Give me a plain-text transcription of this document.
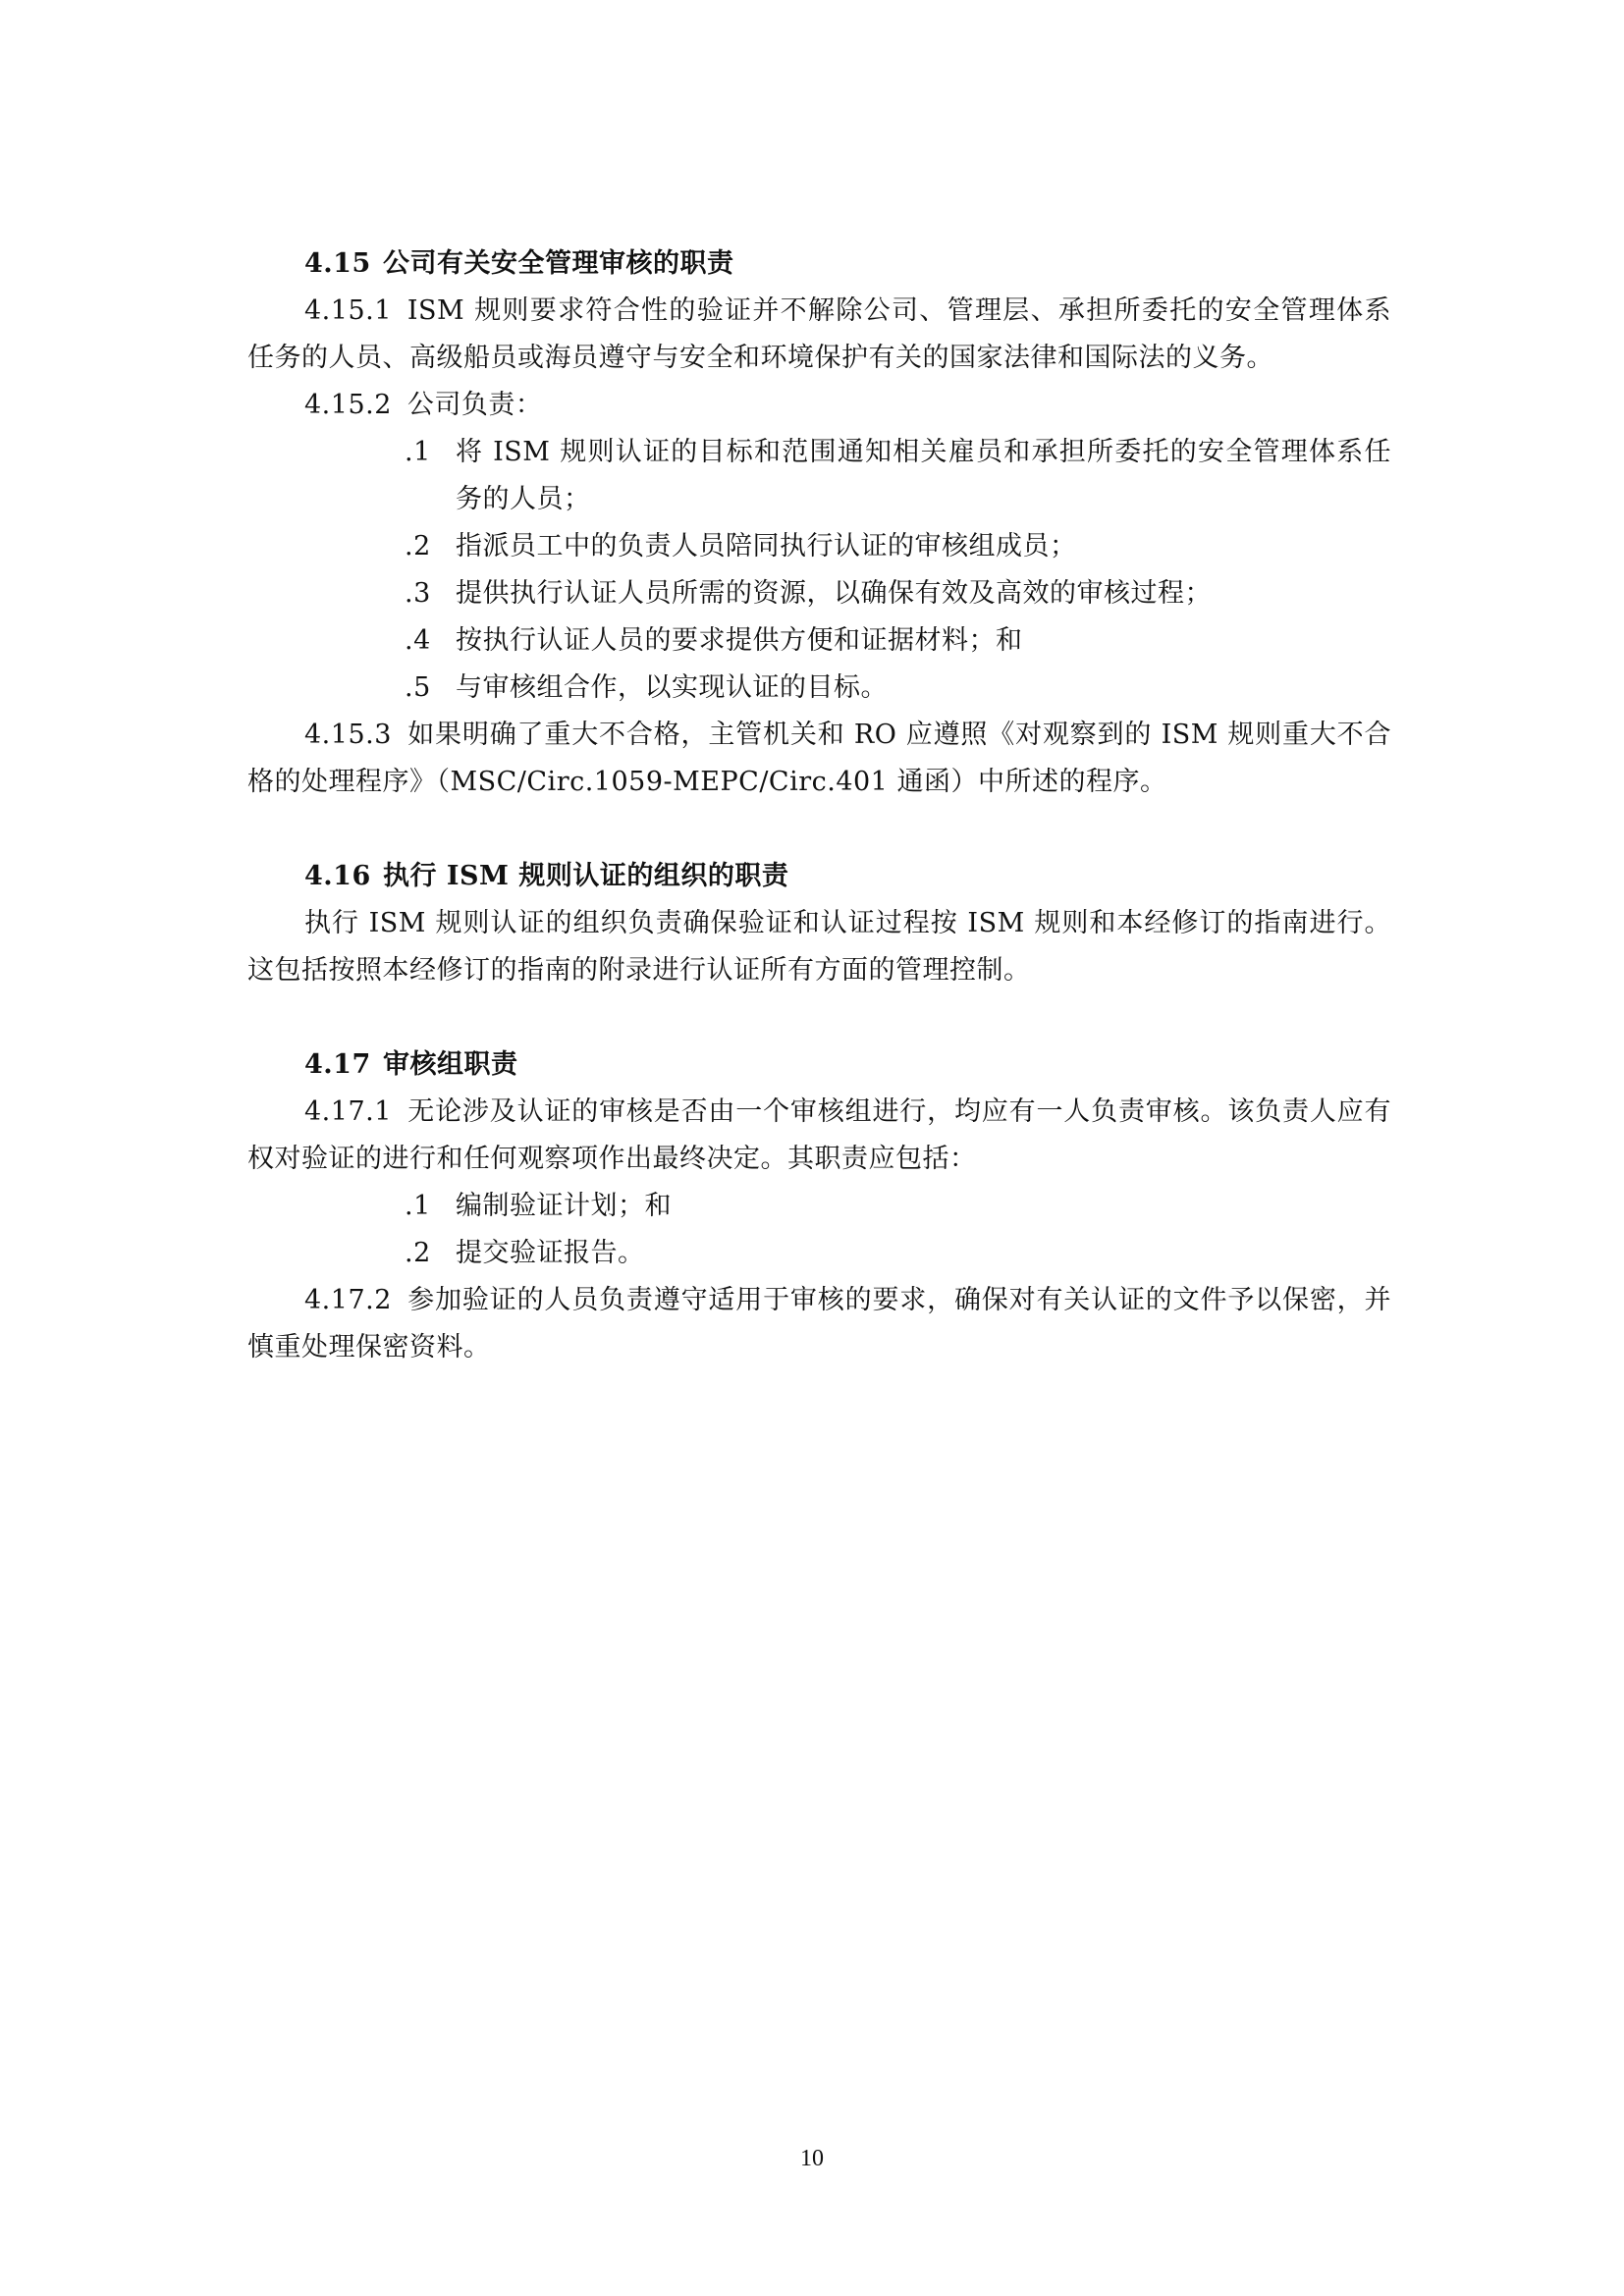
4.15 公司有关安全管理审核的职责

4.15.1 ISM 规则要求符合性的验证并不解除公司、管理层、承担所委托的安全管理体系任务的人员、高级船员或海员遵守与安全和环境保护有关的国家法律和国际法的义务。

4.15.2 公司负责：

.1 将 ISM 规则认证的目标和范围通知相关雇员和承担所委托的安全管理体系任务的人员；

.2 指派员工中的负责人员陪同执行认证的审核组成员；

.3 提供执行认证人员所需的资源，以确保有效及高效的审核过程；

.4 按执行认证人员的要求提供方便和证据材料；和

.5 与审核组合作，以实现认证的目标。

4.15.3 如果明确了重大不合格，主管机关和 RO 应遵照《对观察到的 ISM 规则重大不合格的处理程序》（MSC/Circ.1059-MEPC/Circ.401 通函）中所述的程序。

4.16 执行 ISM 规则认证的组织的职责

执行 ISM 规则认证的组织负责确保验证和认证过程按 ISM 规则和本经修订的指南进行。这包括按照本经修订的指南的附录进行认证所有方面的管理控制。

4.17 审核组职责

4.17.1 无论涉及认证的审核是否由一个审核组进行，均应有一人负责审核。该负责人应有权对验证的进行和任何观察项作出最终决定。其职责应包括：

.1 编制验证计划；和

.2 提交验证报告。

4.17.2 参加验证的人员负责遵守适用于审核的要求，确保对有关认证的文件予以保密，并慎重处理保密资料。

10
